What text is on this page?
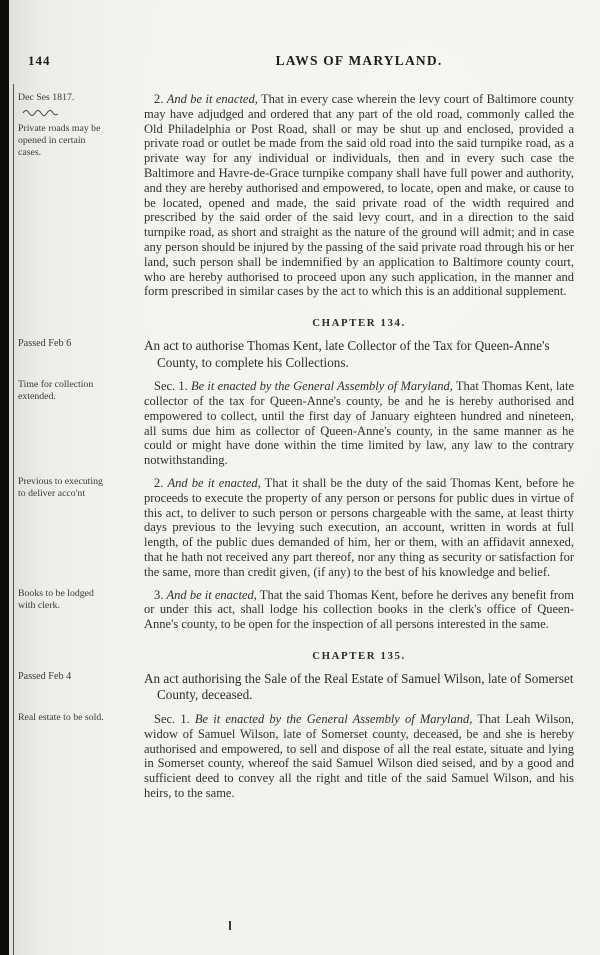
144	LAWS OF MARYLAND.

Dec Ses 1817.

Private roads may be opened in certain cases.

2. And be it enacted, That in every case wherein the levy court of Baltimore county may have adjudged and ordered that any part of the old road, commonly called the Old Philadelphia or Post Road, shall or may be shut up and enclosed, provided a private road or outlet be made from the said old road into the said turnpike road, as a private way for any individual or individuals, then and in every such case the Baltimore and Havre-de-Grace turnpike company shall have full power and authority, and they are hereby authorised and empowered, to locate, open and make, or cause to be located, opened and made, the said private road of the width required and prescribed by the said order of the said levy court, and in a direction to the said turnpike road, as short and straight as the nature of the ground will admit; and in case any person should be injured by the passing of the said private road through his or her land, such person shall be indemnified by an application to Baltimore county court, who are hereby authorised to proceed upon any such application, in the manner and form prescribed in similar cases by the act to which this is an additional supplement.

CHAPTER 134.

Passed Feb 6	An act to authorise Thomas Kent, late Collector of the Tax for Queen-Anne's County, to complete his Collections.

Time for collection extended.

Sec. 1. Be it enacted by the General Assembly of Maryland, That Thomas Kent, late collector of the tax for Queen-Anne's county, be and he is hereby authorised and empowered to collect, until the first day of January eighteen hundred and nineteen, all sums due him as collector of Queen-Anne's county, in the same manner as he could or might have done within the time limited by law, any law to the contrary notwithstanding.

Previous to executing to deliver acco'nt

2. And be it enacted, That it shall be the duty of the said Thomas Kent, before he proceeds to execute the property of any person or persons for public dues in virtue of this act, to deliver to such person or persons chargeable with the same, at least thirty days previous to the levying such execution, an account, written in words at full length, of the public dues demanded of him, her or them, with an affidavit annexed, that he hath not received any part thereof, nor any thing as security or satisfaction for the same, more than credit given, (if any) to the best of his knowledge and belief.

Books to be lodged with clerk.

3. And be it enacted, That the said Thomas Kent, before he derives any benefit from or under this act, shall lodge his collection books in the clerk's office of Queen-Anne's county, to be open for the inspection of all persons interested in the same.

CHAPTER 135.

Passed Feb 4	An act authorising the Sale of the Real Estate of Samuel Wilson, late of Somerset County, deceased.

Real estate to be sold.	Sec. 1. Be it enacted by the General Assembly of Maryland, That Leah Wilson, widow of Samuel Wilson, late of Somerset county, deceased, be and she is hereby authorised and empowered, to sell and dispose of all the real estate, situate and lying in Somerset county, whereof the said Samuel Wilson died seised, and by a good and sufficient deed to convey all the right and title of the said Samuel Wilson, and his heirs, to the same.
